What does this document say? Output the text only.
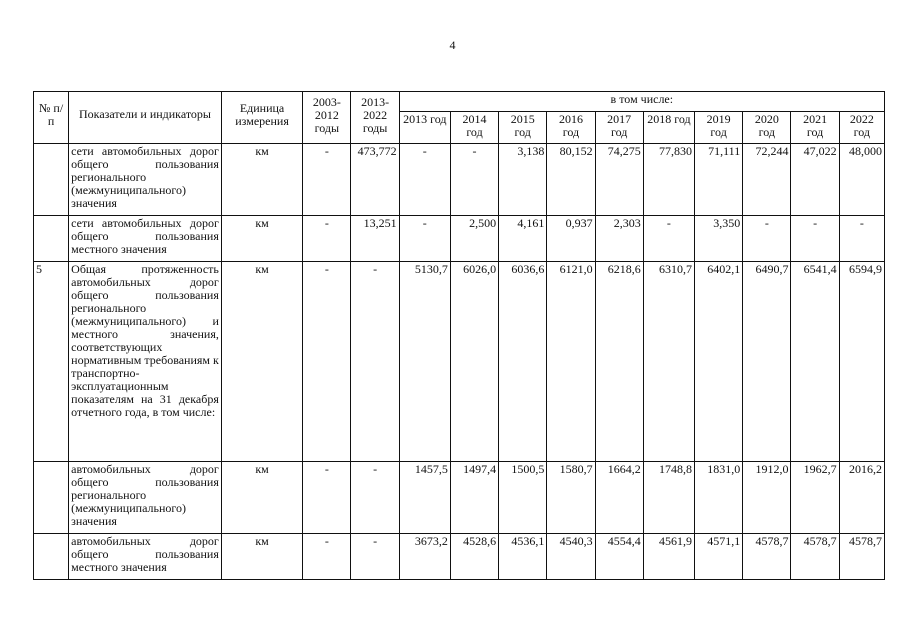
4
№ п/п	Показатели и индикаторы	Единица измерения	2003-2012 годы	2013-2022 годы	в том числе:									
					2013 год	2014 год	2015 год	2016 год	2017 год	2018 год	2019 год	2020 год	2021 год	2022 год
	сети автомобильных дорог общего пользования регионального (межмуниципального) значения	км	-	473,772	-	-	3,138	80,152	74,275	77,830	71,111	72,244	47,022	48,000
	сети автомобильных дорог общего пользования местного значения	км	-	13,251	-	2,500	4,161	0,937	2,303	-	3,350	-	-	-
5	Общая протяженность автомобильных дорог общего пользования регионального (межмуниципального) и местного значения, соответствующих нормативным требованиям к транспортно-эксплуатационным показателям на 31 декабря отчетного года, в том числе:	км	-	-	5130,7	6026,0	6036,6	6121,0	6218,6	6310,7	6402,1	6490,7	6541,4	6594,9
	автомобильных дорог общего пользования регионального (межмуниципального) значения	км	-	-	1457,5	1497,4	1500,5	1580,7	1664,2	1748,8	1831,0	1912,0	1962,7	2016,2
	автомобильных дорог общего пользования местного значения	км	-	-	3673,2	4528,6	4536,1	4540,3	4554,4	4561,9	4571,1	4578,7	4578,7	4578,7
